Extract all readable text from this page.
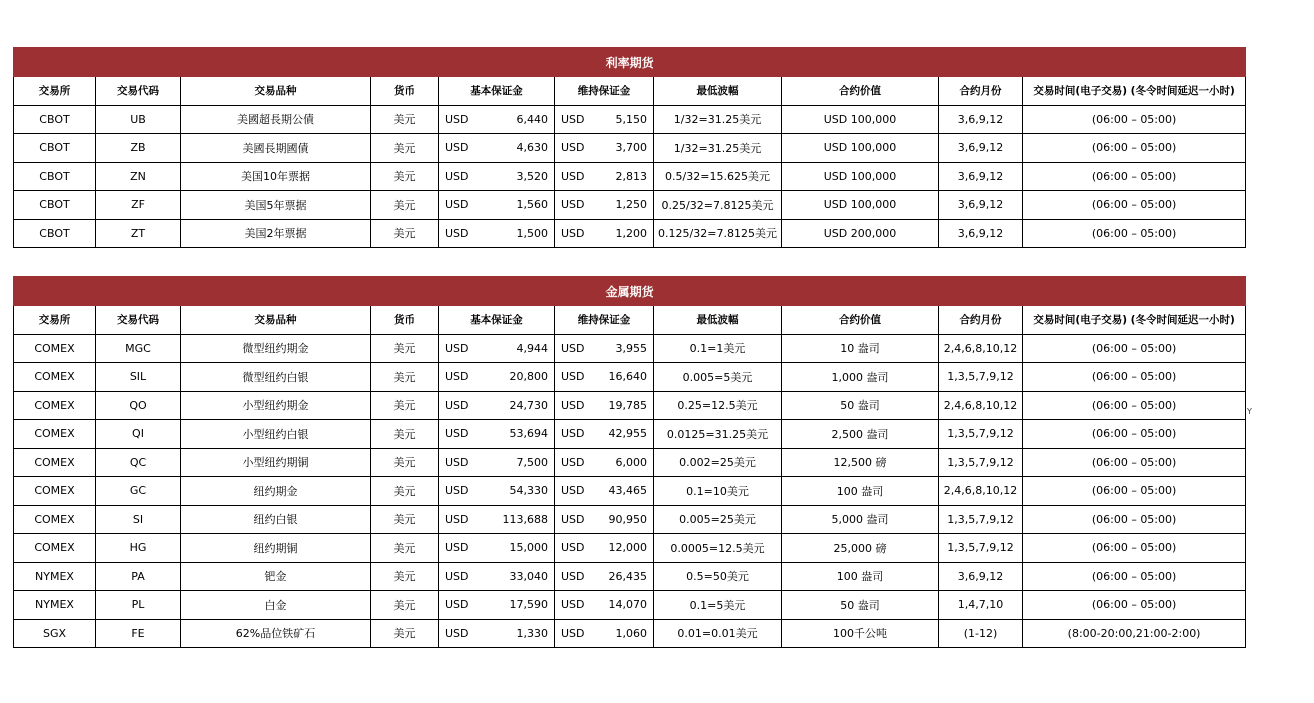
利率期货									
交易所	交易代码	交易品种	货币	基本保证金	维持保证金	最低波幅	合约价值	合约月份	交易时间(电子交易) (冬令时间延迟一小时)
CBOT	UB	美國超長期公債	美元	USD 6,440	USD 5,150	1/32=31.25美元	USD 100,000	3,6,9,12	(06:00 – 05:00)
CBOT	ZB	美國長期國債	美元	USD 4,630	USD 3,700	1/32=31.25美元	USD 100,000	3,6,9,12	(06:00 – 05:00)
CBOT	ZN	美国10年票据	美元	USD 3,520	USD 2,813	0.5/32=15.625美元	USD 100,000	3,6,9,12	(06:00 – 05:00)
CBOT	ZF	美国5年票据	美元	USD 1,560	USD 1,250	0.25/32=7.8125美元	USD 100,000	3,6,9,12	(06:00 – 05:00)
CBOT	ZT	美国2年票据	美元	USD 1,500	USD 1,200	0.125/32=7.8125美元	USD 200,000	3,6,9,12	(06:00 – 05:00)
金属期货									
交易所	交易代码	交易品种	货币	基本保证金	维持保证金	最低波幅	合约价值	合约月份	交易时间(电子交易) (冬令时间延迟一小时)
COMEX	MGC	微型纽约期金	美元	USD 4,944	USD 3,955	0.1=1美元	10 盎司	2,4,6,8,10,12	(06:00 – 05:00)
COMEX	SIL	微型纽约白银	美元	USD 20,800	USD 16,640	0.005=5美元	1,000 盎司	1,3,5,7,9,12	(06:00 – 05:00)
COMEX	QO	小型纽约期金	美元	USD 24,730	USD 19,785	0.25=12.5美元	50 盎司	2,4,6,8,10,12	(06:00 – 05:00)
COMEX	QI	小型纽约白银	美元	USD 53,694	USD 42,955	0.0125=31.25美元	2,500 盎司	1,3,5,7,9,12	(06:00 – 05:00)
COMEX	QC	小型纽约期铜	美元	USD 7,500	USD 6,000	0.002=25美元	12,500 磅	1,3,5,7,9,12	(06:00 – 05:00)
COMEX	GC	纽约期金	美元	USD 54,330	USD 43,465	0.1=10美元	100 盎司	2,4,6,8,10,12	(06:00 – 05:00)
COMEX	SI	纽约白银	美元	USD 113,688	USD 90,950	0.005=25美元	5,000 盎司	1,3,5,7,9,12	(06:00 – 05:00)
COMEX	HG	纽约期铜	美元	USD 15,000	USD 12,000	0.0005=12.5美元	25,000 磅	1,3,5,7,9,12	(06:00 – 05:00)
NYMEX	PA	钯金	美元	USD 33,040	USD 26,435	0.5=50美元	100 盎司	3,6,9,12	(06:00 – 05:00)
NYMEX	PL	白金	美元	USD 17,590	USD 14,070	0.1=5美元	50 盎司	1,4,7,10	(06:00 – 05:00)
SGX	FE	62%品位铁矿石	美元	USD 1,330	USD 1,060	0.01=0.01美元	100千公吨	(1-12)	(8:00-20:00,21:00-2:00)
Y
